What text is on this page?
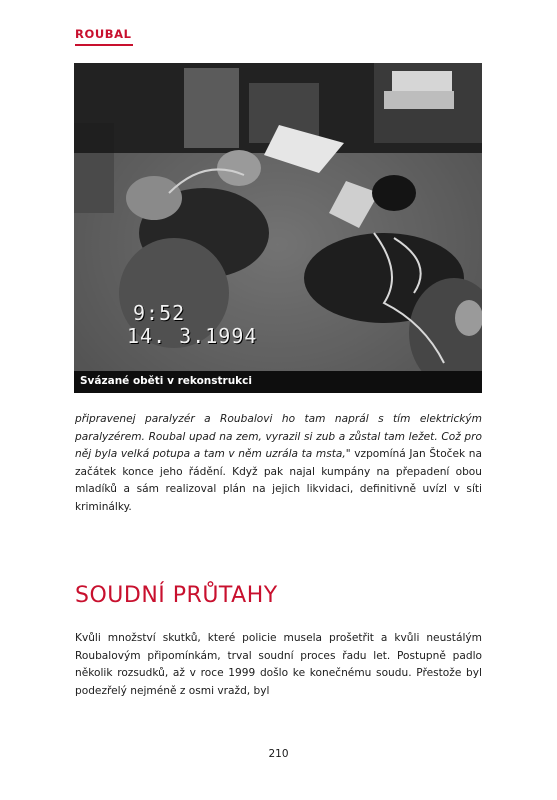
ROUBAL
9:52
14. 3.1994
Svázané oběti v rekonstrukci

připravenej paralyzér a Roubalovi ho tam naprál s tím elektrickým paralyzérem. Roubal upad na zem, vyrazil si zub a zůstal tam ležet. Což pro něj byla velká potupa a tam v něm uzrála ta msta," vzpomíná Jan Štoček na začátek konce jeho řádění. Když pak najal kumpány na přepadení obou mladíků a sám realizoval plán na jejich likvidaci, definitivně uvízl v síti kriminálky.

SOUDNÍ PRŮTAHY

Kvůli množství skutků, které policie musela prošetřit a kvůli neustálým Roubalovým připomínkám, trval soudní proces řadu let. Postupně padlo několik rozsudků, až v roce 1999 došlo ke konečnému soudu. Přestože byl podezřelý nejméně z osmi vražd, byl

210
